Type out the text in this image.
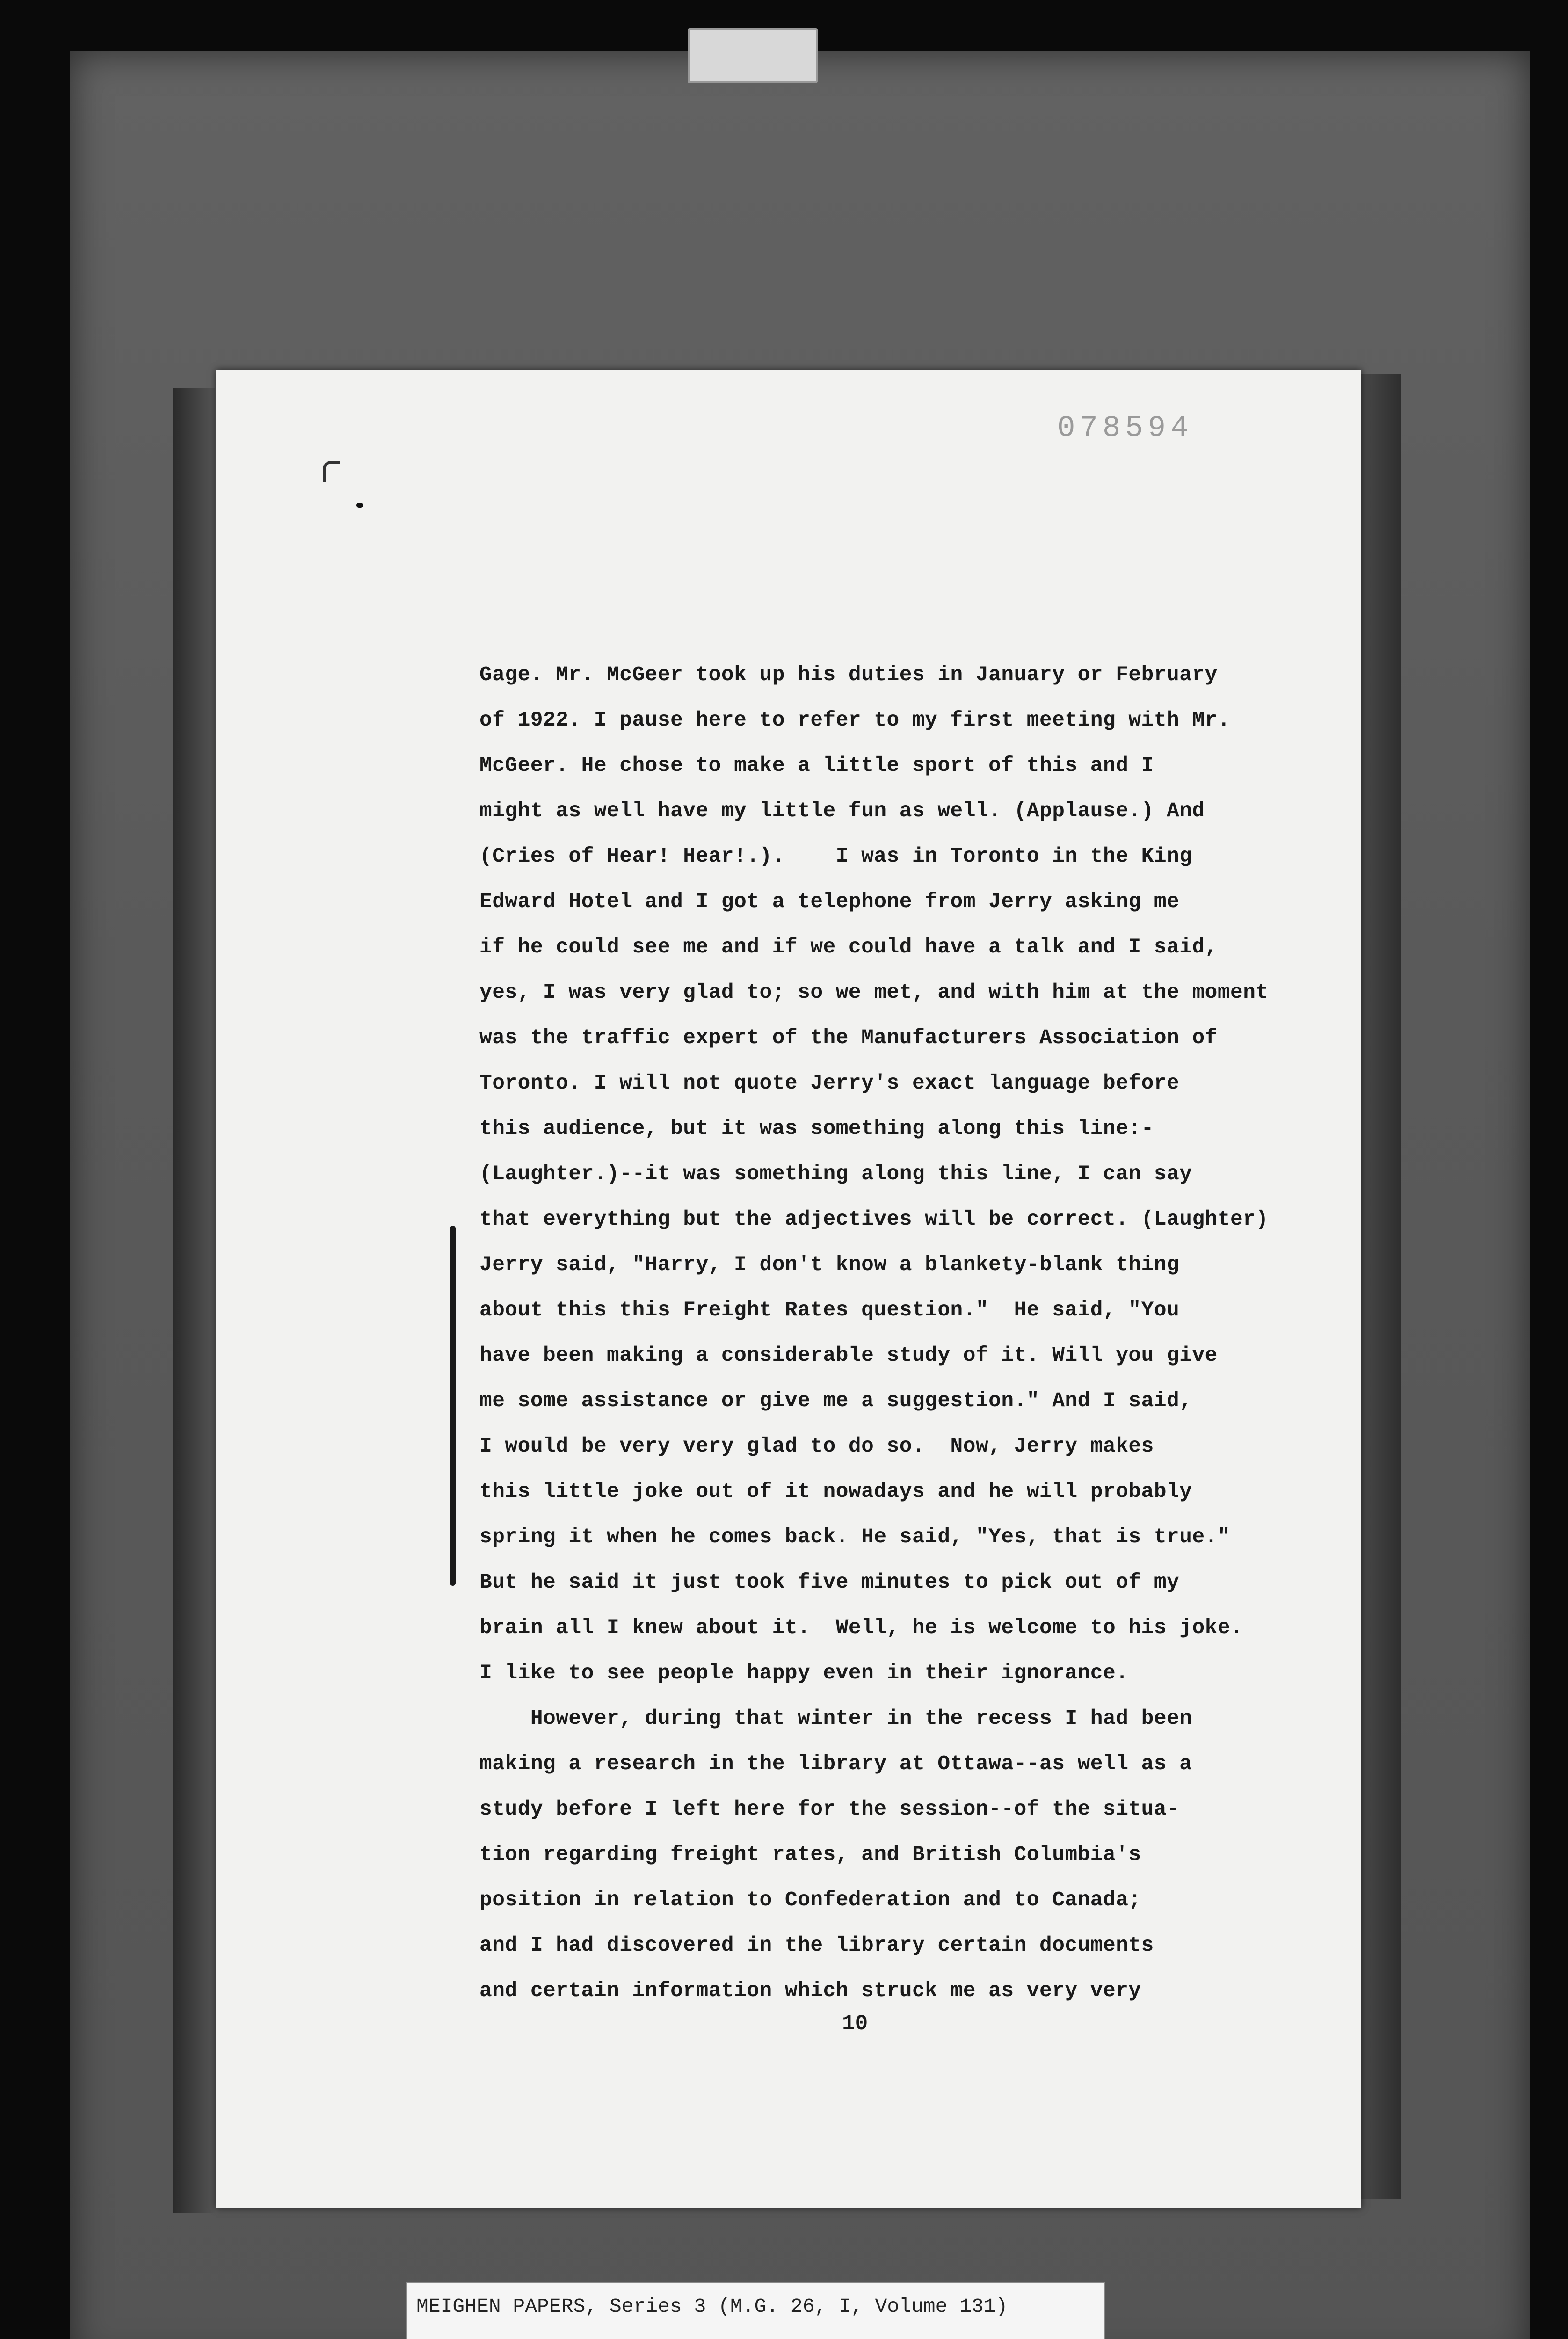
078594
Gage. Mr. McGeer took up his duties in January or February
of 1922. I pause here to refer to my first meeting with Mr.
McGeer. He chose to make a little sport of this and I
might as well have my little fun as well. (Applause.) And
(Cries of Hear! Hear!.).    I was in Toronto in the King
Edward Hotel and I got a telephone from Jerry asking me
if he could see me and if we could have a talk and I said,
yes, I was very glad to; so we met, and with him at the moment
was the traffic expert of the Manufacturers Association of
Toronto. I will not quote Jerry's exact language before
this audience, but it was something along this line:-
(Laughter.)--it was something along this line, I can say
that everything but the adjectives will be correct. (Laughter)
Jerry said, "Harry, I don't know a blankety-blank thing
about this this Freight Rates question."  He said, "You
have been making a considerable study of it. Will you give
me some assistance or give me a suggestion." And I said,
I would be very very glad to do so.  Now, Jerry makes
this little joke out of it nowadays and he will probably
spring it when he comes back. He said, "Yes, that is true."
But he said it just took five minutes to pick out of my
brain all I knew about it.  Well, he is welcome to his joke.
I like to see people happy even in their ignorance.
However, during that winter in the recess I had been
making a research in the library at Ottawa--as well as a
study before I left here for the session--of the situa-
tion regarding freight rates, and British Columbia's
position in relation to Confederation and to Canada;
and I had discovered in the library certain documents
and certain information which struck me as very very
10
MEIGHEN PAPERS, Series 3 (M.G. 26, I, Volume 131)
